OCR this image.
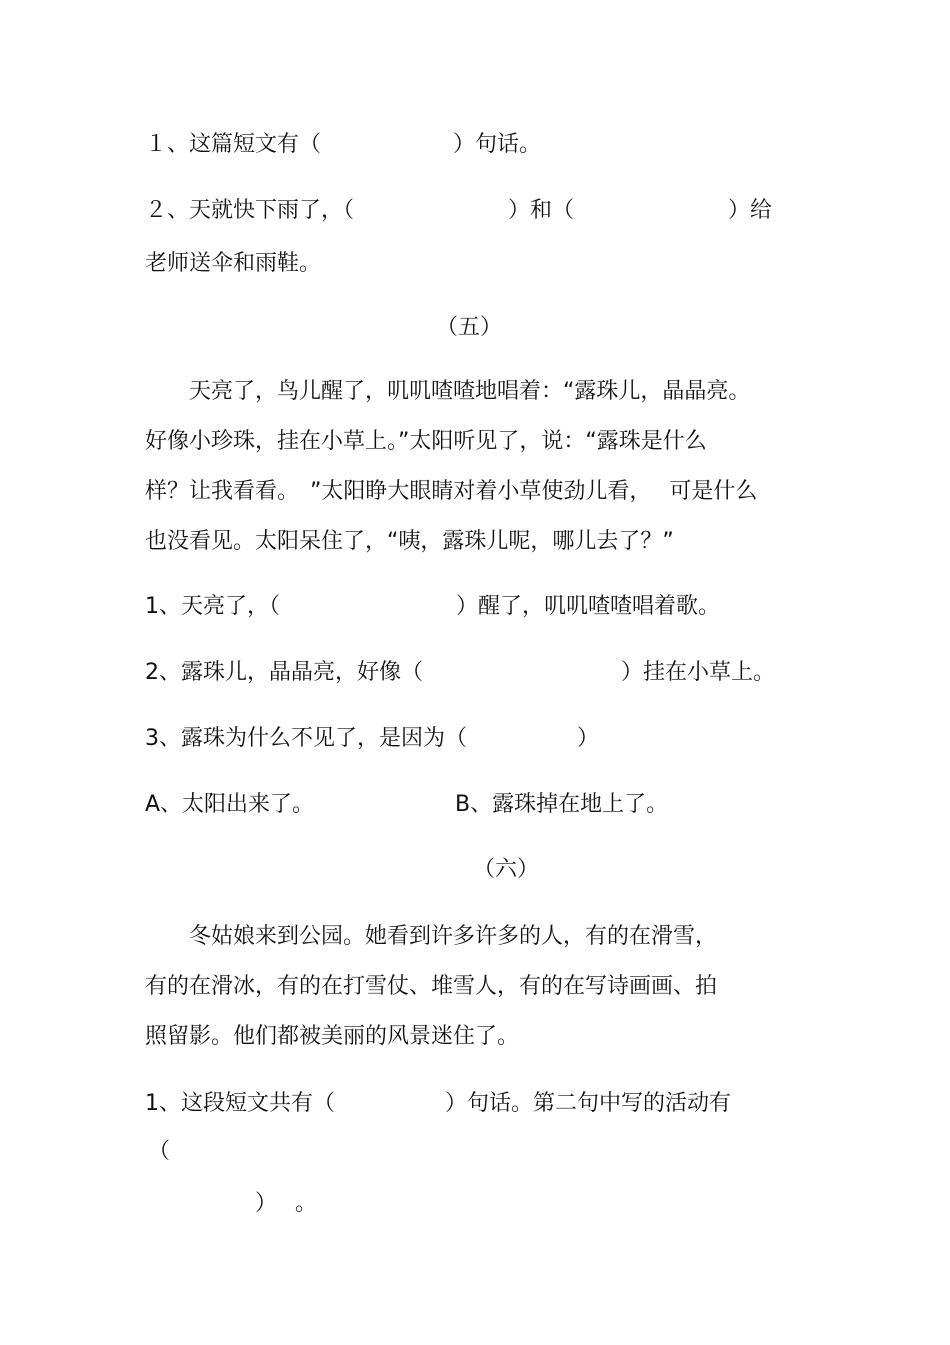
１、这篇短文有（　　　　　　）句话。

２、天就快下雨了，（　　　　　　　）和（　　　　　　　）给

老师送伞和雨鞋。

（五）

　　天亮了，鸟儿醒了，叽叽喳喳地唱着：“露珠儿，晶晶亮。

好像小珍珠，挂在小草上。”太阳听见了，说：“露珠是什么

样？让我看看。　”太阳睁大眼睛对着小草使劲儿看，　 可是什么

也没看见。太阳呆住了，“咦，露珠儿呢，哪儿去了？”

1、天亮了，（　　　　　　　　）醒了，叽叽喳喳唱着歌。

2、露珠儿，晶晶亮，好像（　　　　　　　　　）挂在小草上。

3、露珠为什么不见了，是因为（　　　　　）

A、太阳出来了。	B、露珠掉在地上了。

（六）

　　冬姑娘来到公园。她看到许多许多的人，有的在滑雪，

有的在滑冰，有的在打雪仗、堆雪人，有的在写诗画画、拍

照留影。他们都被美丽的风景迷住了。

1、这段短文共有（　　　　　）句话。第二句中写的活动有

（

）　 。
